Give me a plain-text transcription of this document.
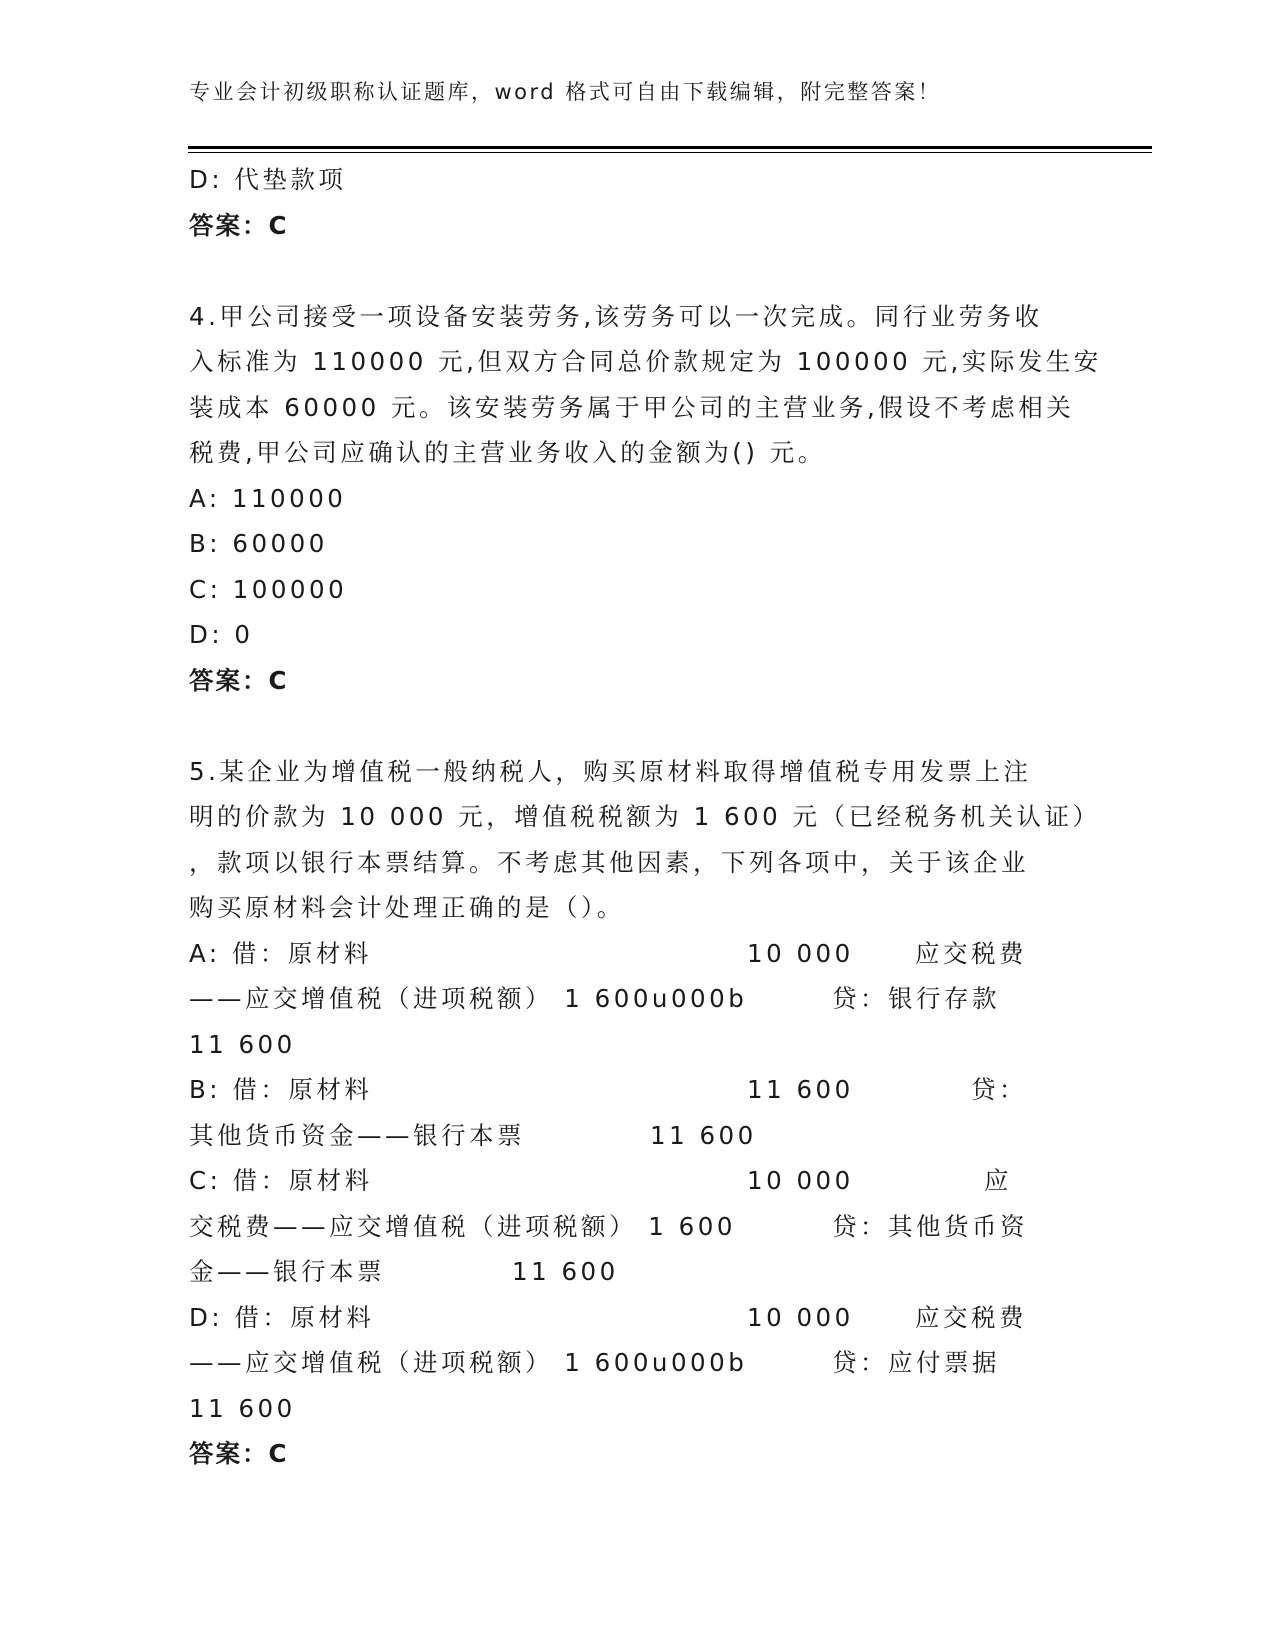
专业会计初级职称认证题库，word 格式可自由下载编辑，附完整答案！
D: 代垫款项
答案：C
4.甲公司接受一项设备安装劳务,该劳务可以一次完成。同行业劳务收
入标准为 110000 元,但双方合同总价款规定为 100000 元,实际发生安
装成本 60000 元。该安装劳务属于甲公司的主营业务,假设不考虑相关
税费,甲公司应确认的主营业务收入的金额为() 元。
A: 110000
B: 60000
C: 100000
D: 0
答案：C
5.某企业为增值税一般纳税人，购买原材料取得增值税专用发票上注
明的价款为 10 000 元，增值税税额为 1 600 元（已经税务机关认证）
，款项以银行本票结算。不考虑其他因素，下列各项中，关于该企业
购买原材料会计处理正确的是（）。
A: 借：原材料	10 000	应交税费
——应交增值税（进项税额） 1 600u000b	贷：银行存款
11 600
B: 借：原材料	11 600	贷：
其他货币资金——银行本票	11 600
C: 借：原材料	10 000	应
交税费——应交增值税（进项税额） 1 600	贷：其他货币资
金——银行本票	11 600
D: 借：原材料	10 000	应交税费
——应交增值税（进项税额） 1 600u000b	贷：应付票据
11 600
答案：C
